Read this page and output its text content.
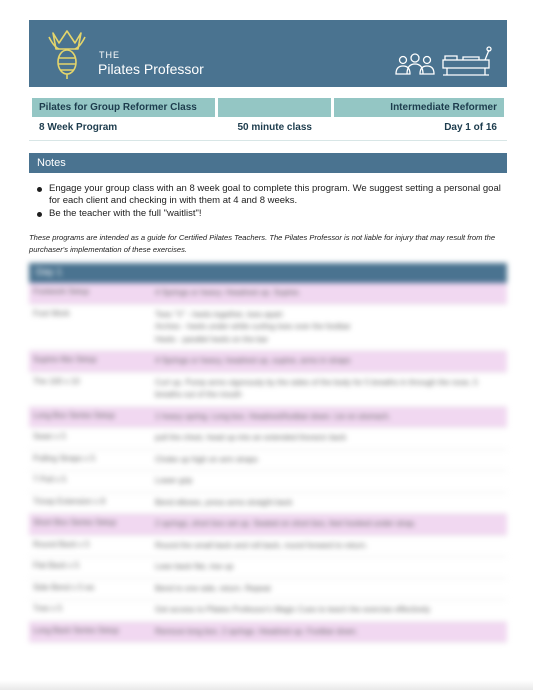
THE
Pilates Professor
Pilates for Group Reformer Class		Intermediate Reformer
8 Week Program	50 minute class	Day 1 of 16
Notes
Engage your group class with an 8 week goal to complete this program. We suggest setting a personal goal for each client and checking in with them at 4 and 8 weeks.
Be the teacher with the full "waitlist"!
These programs are intended as a guide for Certified Pilates Teachers. The Pilates Professor is not liable for injury that may result from the purchaser's implementation of these exercises.
Day 1
Footwork Setup	4 Springs or heavy. Headrest up. Supine.
Foot Work	Toes "V" - heels together, toes apart
Arches - heels under while curling toes over the footbar
Heels - parallel heels on the bar
Supine Abs Setup	4 Springs or heavy, headrest up, supine, arms in straps
The 100 x 10	Curl up. Pump arms vigorously by the sides of the body for 5 breaths in through the nose, 5 breaths out of the mouth
Long Box Series Setup	1 heavy spring. Long box. Headrest/footbar down. Lie on stomach.
Swan x 5	pull the chest, head up into an extended thoracic back
Pulling Straps x 5	Choke up high on arm straps
T Pull x 5	Lower grip
Tricep Extension x 8	Bend elbows, press arms straight back
Short Box Series Setup	2 springs, short box set up. Seated on short box, feet hooked under strap.
Round Back x 5	Round the small back and roll back, round forward to return.
Flat Back x 5	Lean back flat, rise up
Side Bend x 5 ea	Bend to one side, return. Repeat
Tree x 5	Get access to Pilates Professor's Magic Cues to teach the exercise effectively
Long Back Series Setup	Remove long box. 2 springs. Headrest up. Footbar down.
